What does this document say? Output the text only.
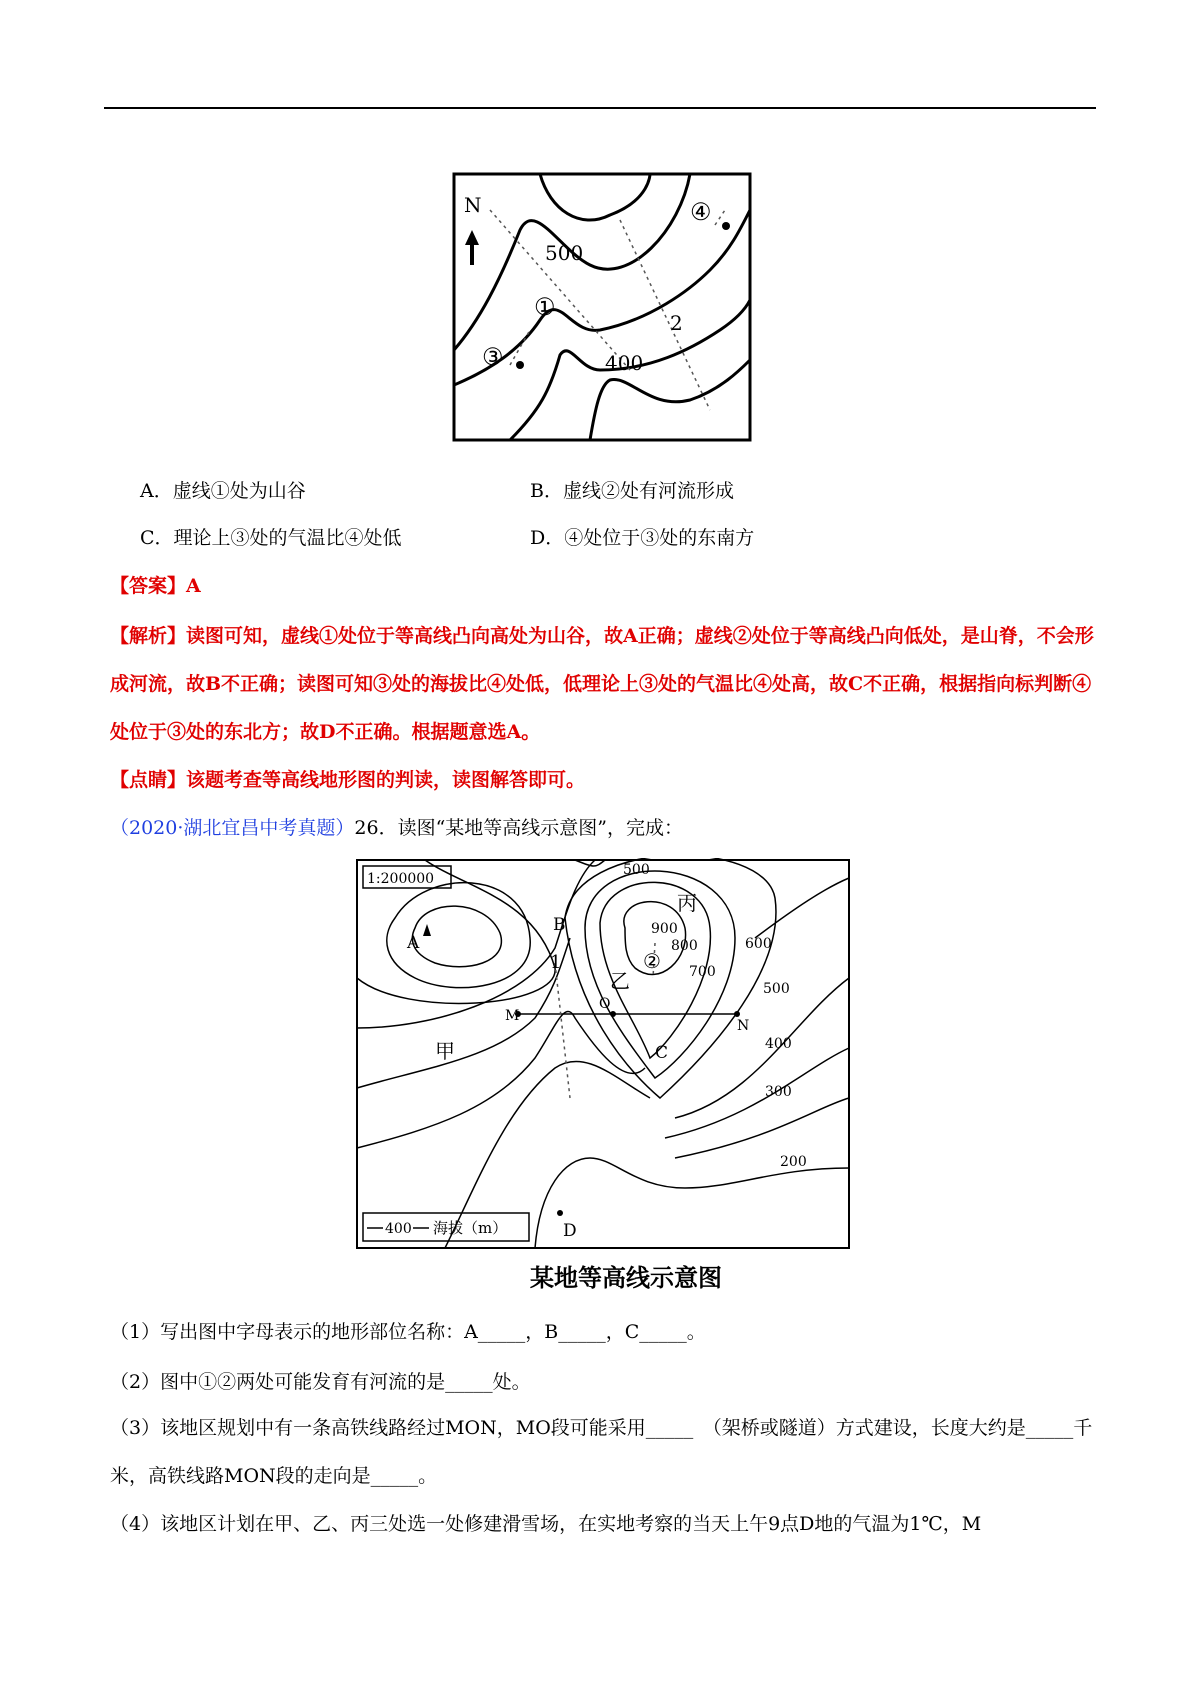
N
500
400
①
2
③
④
A．虚线①处为山谷	B．虚线②处有河流形成
C．理论上③处的气温比④处低	D．④处位于③处的东南方
【答案】A
【解析】读图可知，虚线①处位于等高线凸向高处为山谷，故A正确；虚线②处位于等高线凸向低处，是山脊，不会形成河流，故B不正确；读图可知③处的海拔比④处低，低理论上③处的气温比④处高，故C不正确，根据指向标判断④处位于③处的东北方；故D不正确。根据题意选A。
【点睛】该题考查等高线地形图的判读，读图解答即可。
（2020·湖北宜昌中考真题）26．读图“某地等高线示意图”，完成：
1:200000
400 海拔（m）
A
B
C
D
M
O
N
甲
乙
丙
1	②
900
800
700
600
500
500
400
300
200
某地等高线示意图
（1）写出图中字母表示的地形部位名称：A_____，B_____，C_____。
（2）图中①②两处可能发育有河流的是_____处。
（3）该地区规划中有一条高铁线路经过MON，MO段可能采用_____　（架桥或隧道）方式建设，长度大约是_____千米，高铁线路MON段的走向是_____。
（4）该地区计划在甲、乙、丙三处选一处修建滑雪场，在实地考察的当天上午9点D地的气温为1℃，M
